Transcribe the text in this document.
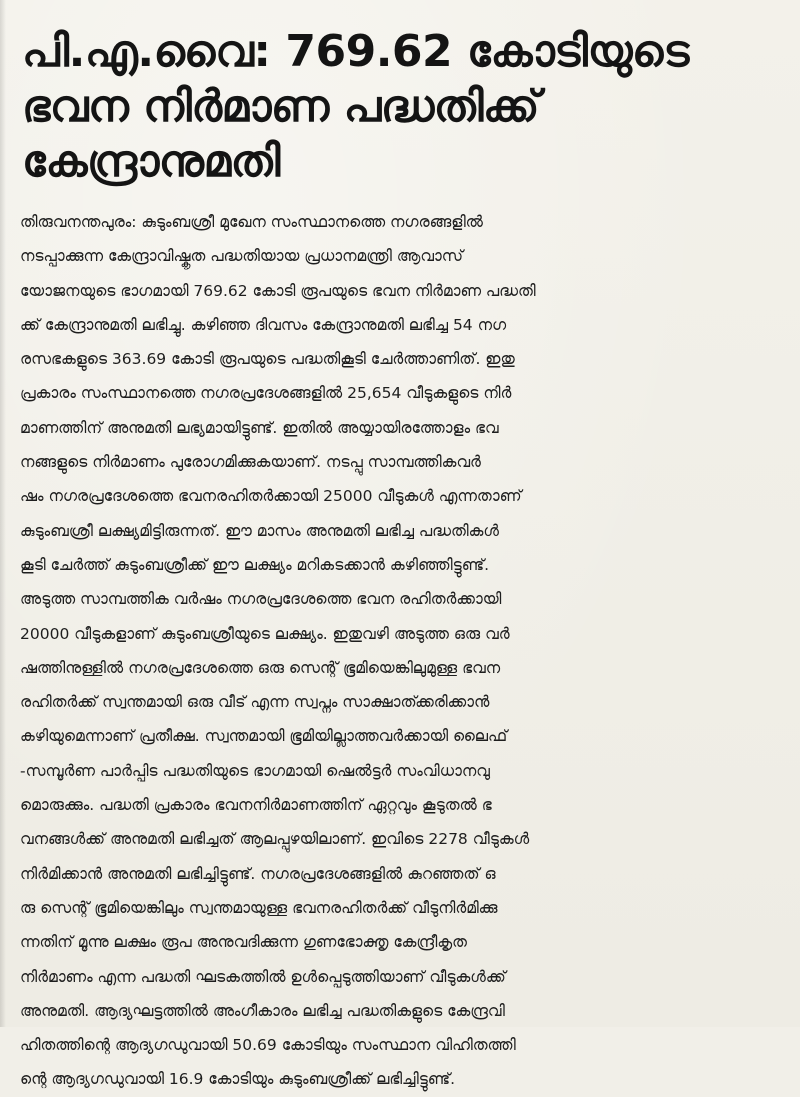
പി.എ.വൈ: 769.62 കോടിയുടെ
ഭവന നിർമാണ പദ്ധതിക്ക്
കേന്ദ്രാനുമതി
തിരുവനന്തപുരം: കുടുംബശ്രീ മുഖേന സംസ്ഥാനത്തെ നഗരങ്ങളിൽ
നടപ്പാക്കുന്ന കേന്ദ്രാവിഷ്കൃത പദ്ധതിയായ പ്രധാനമന്ത്രി ആവാസ്
യോജനയുടെ ഭാഗമായി 769.62 കോടി രൂപയുടെ ഭവന നിർമാണ പദ്ധതി
ക്ക് കേന്ദ്രാനുമതി ലഭിച്ചു. കഴിഞ്ഞ ദിവസം കേന്ദ്രാനുമതി ലഭിച്ച 54 നഗ
രസഭകളുടെ 363.69 കോടി രൂപയുടെ പദ്ധതികൂടി ചേർത്താണിത്. ഇതു
പ്രകാരം സംസ്ഥാനത്തെ നഗരപ്രദേശങ്ങളിൽ 25,654 വീടുകളുടെ നിർ
മാണത്തിന് അനുമതി ലഭ്യമായിട്ടുണ്ട്. ഇതിൽ അയ്യായിരത്തോളം ഭവ
നങ്ങളുടെ നിർമാണം പുരോഗമിക്കുകയാണ്. നടപ്പു സാമ്പത്തികവർ
ഷം നഗരപ്രദേശത്തെ ഭവനരഹിതർക്കായി 25000 വീടുകൾ എന്നതാണ്
കുടുംബശ്രീ ലക്ഷ്യമിട്ടിരുന്നത്. ഈ മാസം അനുമതി ലഭിച്ച പദ്ധതികൾ
കൂടി ചേർത്ത് കുടുംബശ്രീക്ക് ഈ ലക്ഷ്യം മറികടക്കാൻ കഴിഞ്ഞിട്ടുണ്ട്.
അടുത്ത സാമ്പത്തിക വർഷം നഗരപ്രദേശത്തെ ഭവന രഹിതർക്കായി
20000 വീടുകളാണ് കുടുംബശ്രീയുടെ ലക്ഷ്യം. ഇതുവഴി അടുത്ത ഒരു വർ
ഷത്തിനുള്ളിൽ നഗരപ്രദേശത്തെ ഒരു സെന്റ് ഭൂമിയെങ്കിലുമുള്ള ഭവന
രഹിതർക്ക് സ്വന്തമായി ഒരു വീട് എന്ന സ്വപ്നം സാക്ഷാത്ക്കരിക്കാൻ
കഴിയുമെന്നാണ് പ്രതീക്ഷ. സ്വന്തമായി ഭൂമിയില്ലാത്തവർക്കായി ലൈഫ്
-സമ്പൂർണ പാർപ്പിട പദ്ധതിയുടെ ഭാഗമായി ഷെൽട്ടർ സംവിധാനവു
മൊരുക്കും. പദ്ധതി പ്രകാരം ഭവനനിർമാണത്തിന് ഏറ്റവും കൂടുതൽ ഭ
വനങ്ങൾക്ക് അനുമതി ലഭിച്ചത് ആലപ്പുഴയിലാണ്. ഇവിടെ 2278 വീടുകൾ
നിർമിക്കാൻ അനുമതി ലഭിച്ചിട്ടുണ്ട്. നഗരപ്രദേശങ്ങളിൽ കുറഞ്ഞത് ഒ
രു സെന്റ് ഭൂമിയെങ്കിലും സ്വന്തമായുള്ള ഭവനരഹിതർക്ക് വീടുനിർമിക്കു
ന്നതിന് മൂന്നു ലക്ഷം രൂപ അനുവദിക്കുന്ന ഗുണഭോക്തൃ കേന്ദ്രീകൃത
നിർമാണം എന്ന പദ്ധതി ഘടകത്തിൽ ഉൾപ്പെടുത്തിയാണ് വീടുകൾക്ക്
അനുമതി. ആദ്യഘട്ടത്തിൽ അംഗീകാരം ലഭിച്ച പദ്ധതികളുടെ കേന്ദ്രവി
ഹിതത്തിന്റെ ആദ്യഗഡുവായി 50.69 കോടിയും സംസ്ഥാന വിഹിതത്തി
ന്റെ ആദ്യഗഡുവായി 16.9 കോടിയും കുടുംബശ്രീക്ക് ലഭിച്ചിട്ടുണ്ട്.
